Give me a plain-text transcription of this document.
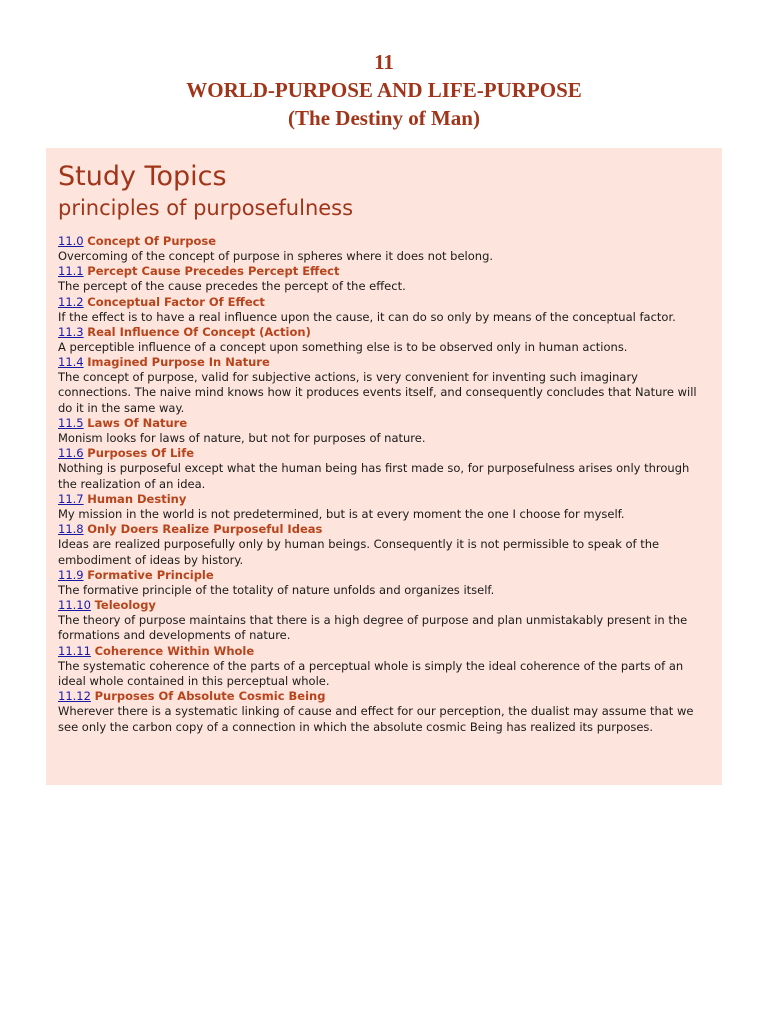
11
WORLD-PURPOSE AND LIFE-PURPOSE
(The Destiny of Man)
Study Topics
principles of purposefulness
11.0 Concept Of Purpose
Overcoming of the concept of purpose in spheres where it does not belong.
11.1 Percept Cause Precedes Percept Effect
The percept of the cause precedes the percept of the effect.
11.2 Conceptual Factor Of Effect
If the effect is to have a real influence upon the cause, it can do so only by means of the conceptual factor.
11.3 Real Influence Of Concept (Action)
A perceptible influence of a concept upon something else is to be observed only in human actions.
11.4 Imagined Purpose In Nature
The concept of purpose, valid for subjective actions, is very convenient for inventing such imaginary connections. The naive mind knows how it produces events itself, and consequently concludes that Nature will do it in the same way.
11.5 Laws Of Nature
Monism looks for laws of nature, but not for purposes of nature.
11.6 Purposes Of Life
Nothing is purposeful except what the human being has first made so, for purposefulness arises only through the realization of an idea.
11.7 Human Destiny
My mission in the world is not predetermined, but is at every moment the one I choose for myself.
11.8 Only Doers Realize Purposeful Ideas
Ideas are realized purposefully only by human beings. Consequently it is not permissible to speak of the embodiment of ideas by history.
11.9 Formative Principle
The formative principle of the totality of nature unfolds and organizes itself.
11.10 Teleology
The theory of purpose maintains that there is a high degree of purpose and plan unmistakably present in the formations and developments of nature.
11.11 Coherence Within Whole
The systematic coherence of the parts of a perceptual whole is simply the ideal coherence of the parts of an ideal whole contained in this perceptual whole.
11.12 Purposes Of Absolute Cosmic Being
Wherever there is a systematic linking of cause and effect for our perception, the dualist may assume that we see only the carbon copy of a connection in which the absolute cosmic Being has realized its purposes.
